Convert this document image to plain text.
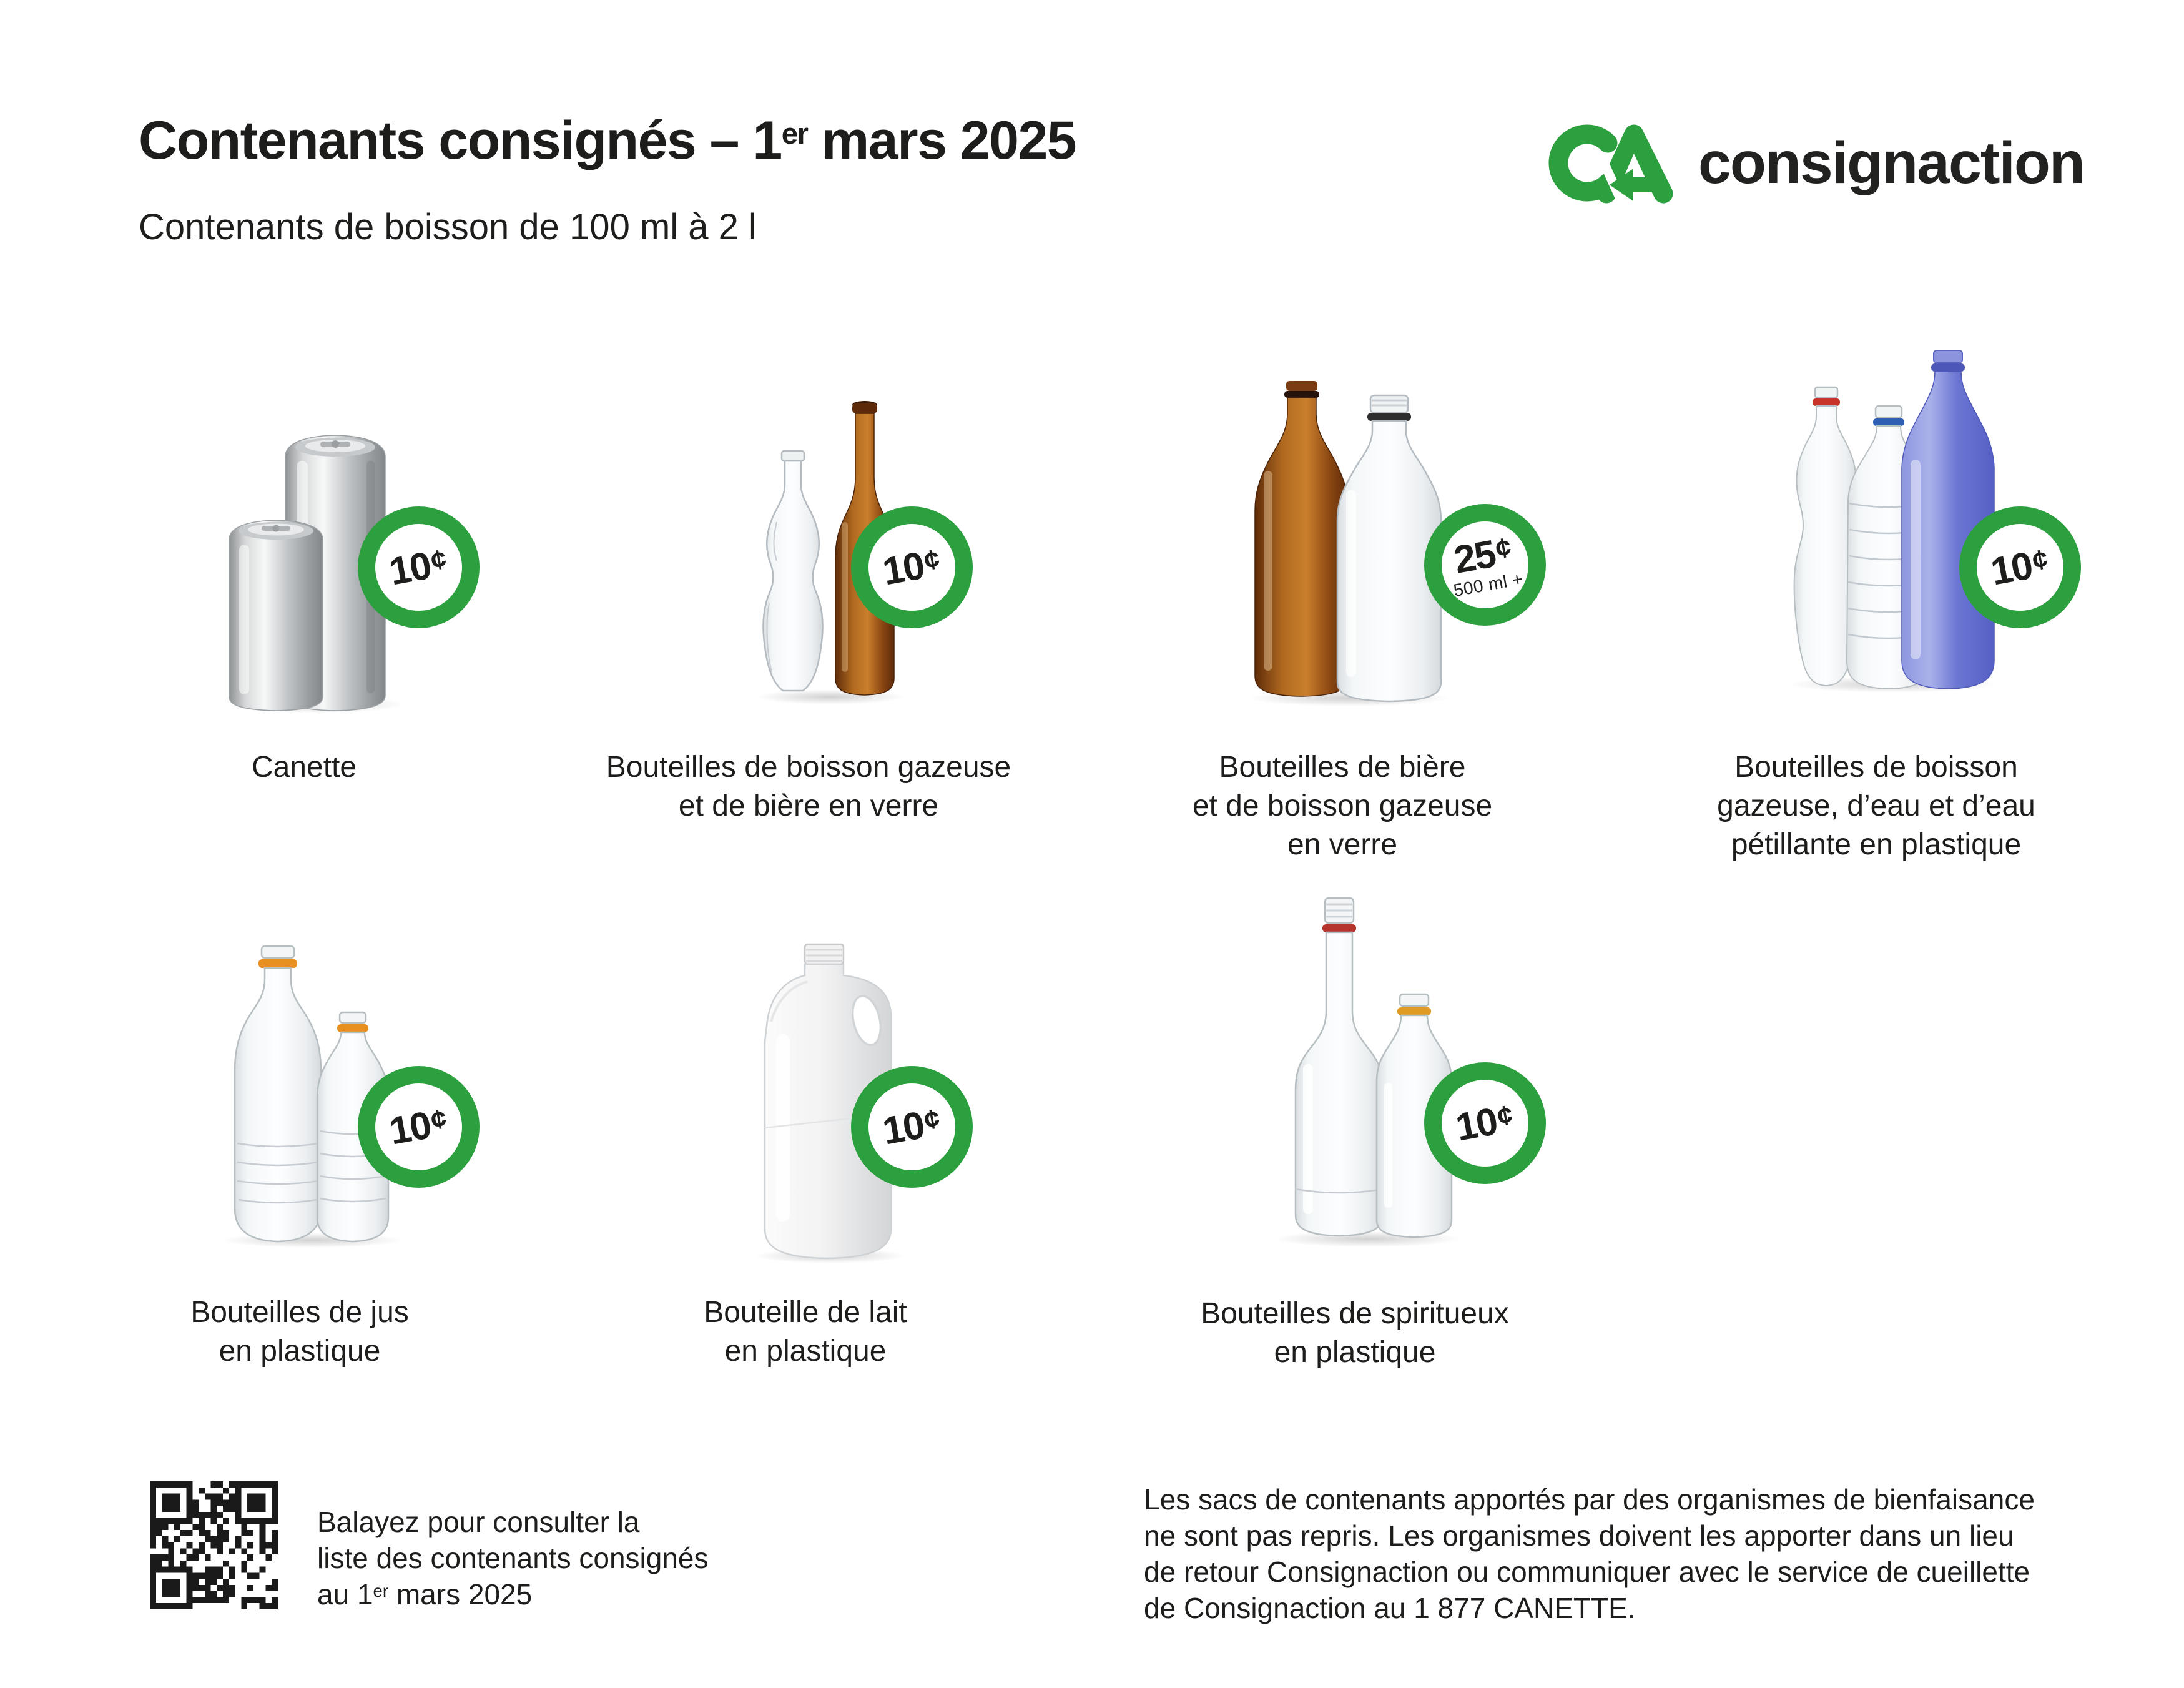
Contenants consignés – 1er mars 2025

Contenants de boisson de 100 ml à 2 l

consignaction
10¢
Canette
10¢
Bouteilles de boisson gazeuse
et de bière en verre
25¢
500 ml +
Bouteilles de bière
et de boisson gazeuse
en verre
10¢
Bouteilles de boisson
gazeuse, d’eau et d’eau
pétillante en plastique
10¢
Bouteilles de jus
en plastique
10¢
Bouteille de lait
en plastique
10¢
Bouteilles de spiritueux
en plastique

Balayez pour consulter la
liste des contenants consignés
au 1er mars 2025

Les sacs de contenants apportés par des organismes de bienfaisance
ne sont pas repris. Les organismes doivent les apporter dans un lieu
de retour Consignaction ou communiquer avec le service de cueillette
de Consignaction au 1 877 CANETTE.
